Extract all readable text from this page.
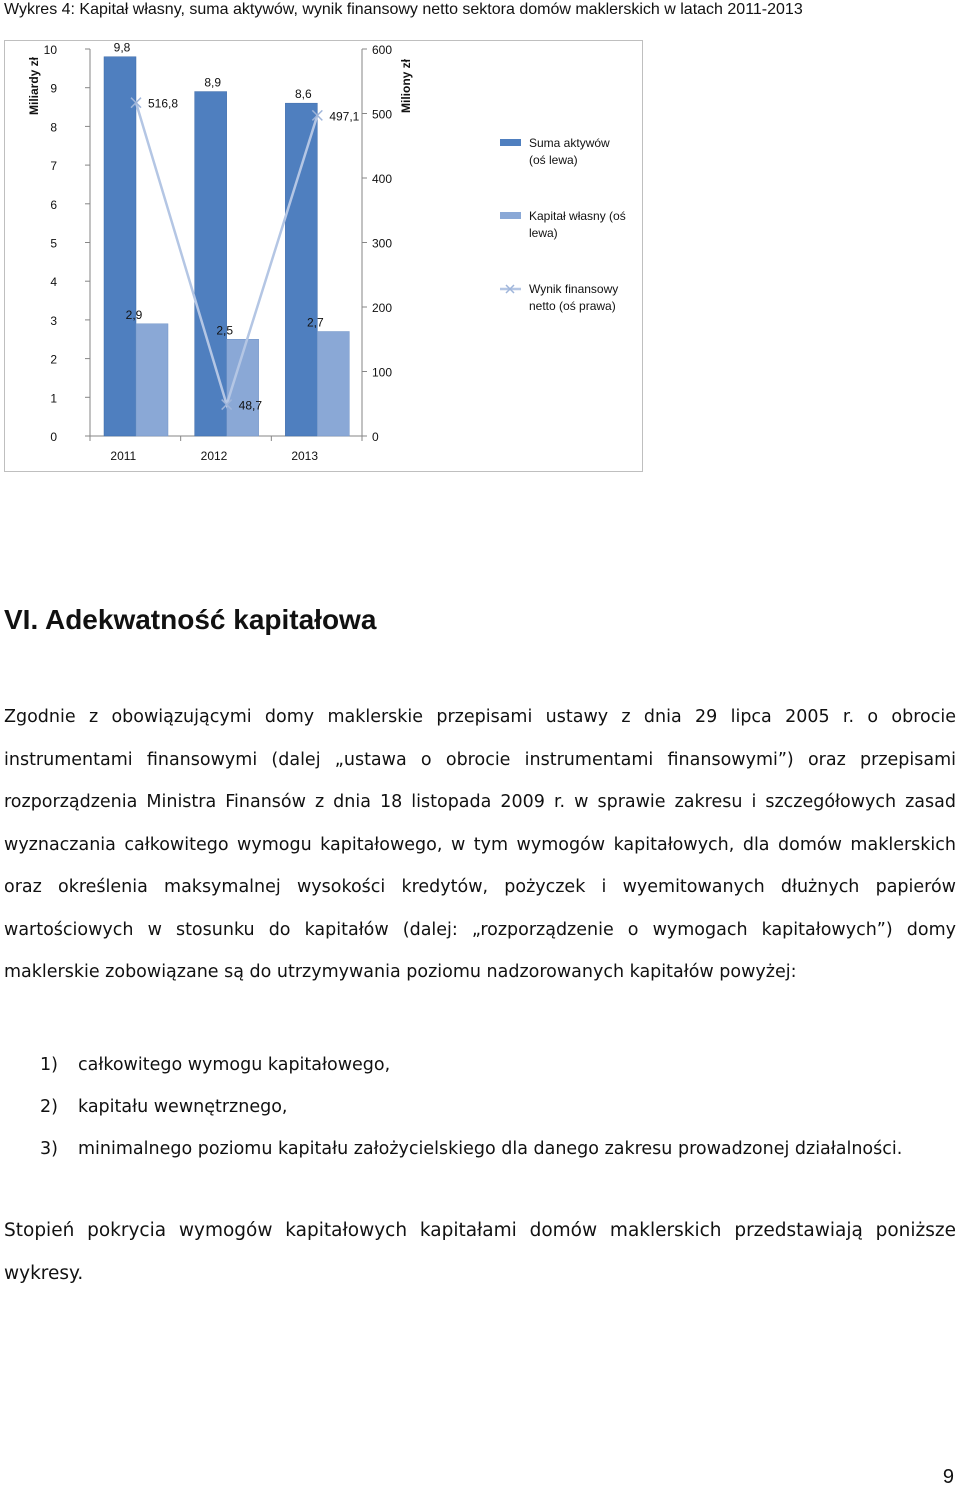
Wykres 4: Kapitał własny, suma aktywów, wynik finansowy netto sektora domów maklerskich w latach 2011-2013
0
1
2
3
4
5
6
7
8
9
10
0
100
200
300
400
500
600
Miliardy zł	Miliony zł
2011
9,8
2,9
2012
8,9
2,5
2013
8,6
2,7
516,8
48,7
497,1
Suma aktywów
(oś lewa)
Kapitał własny (oś
lewa)
Wynik finansowy
netto (oś prawa)
VI. Adekwatność kapitałowa

Zgodnie z obowiązującymi domy maklerskie przepisami ustawy z dnia 29 lipca 2005 r. o obrocie instrumentami finansowymi (dalej „ustawa o obrocie instrumentami finansowymi”) oraz przepisami rozporządzenia Ministra Finansów z dnia 18 listopada 2009 r. w sprawie zakresu i szczegółowych zasad wyznaczania całkowitego wymogu kapitałowego, w tym wymogów kapitałowych, dla domów maklerskich oraz określenia maksymalnej wysokości kredytów, pożyczek i wyemitowanych dłużnych papierów wartościowych w stosunku do kapitałów (dalej: „rozporządzenie o wymogach kapitałowych”) domy maklerskie zobowiązane są do utrzymywania poziomu nadzorowanych kapitałów powyżej:

1) całkowitego wymogu kapitałowego,
2) kapitału wewnętrznego,
3) minimalnego poziomu kapitału założycielskiego dla danego zakresu prowadzonej działalności.

Stopień pokrycia wymogów kapitałowych kapitałami domów maklerskich przedstawiają poniższe wykresy.

9
